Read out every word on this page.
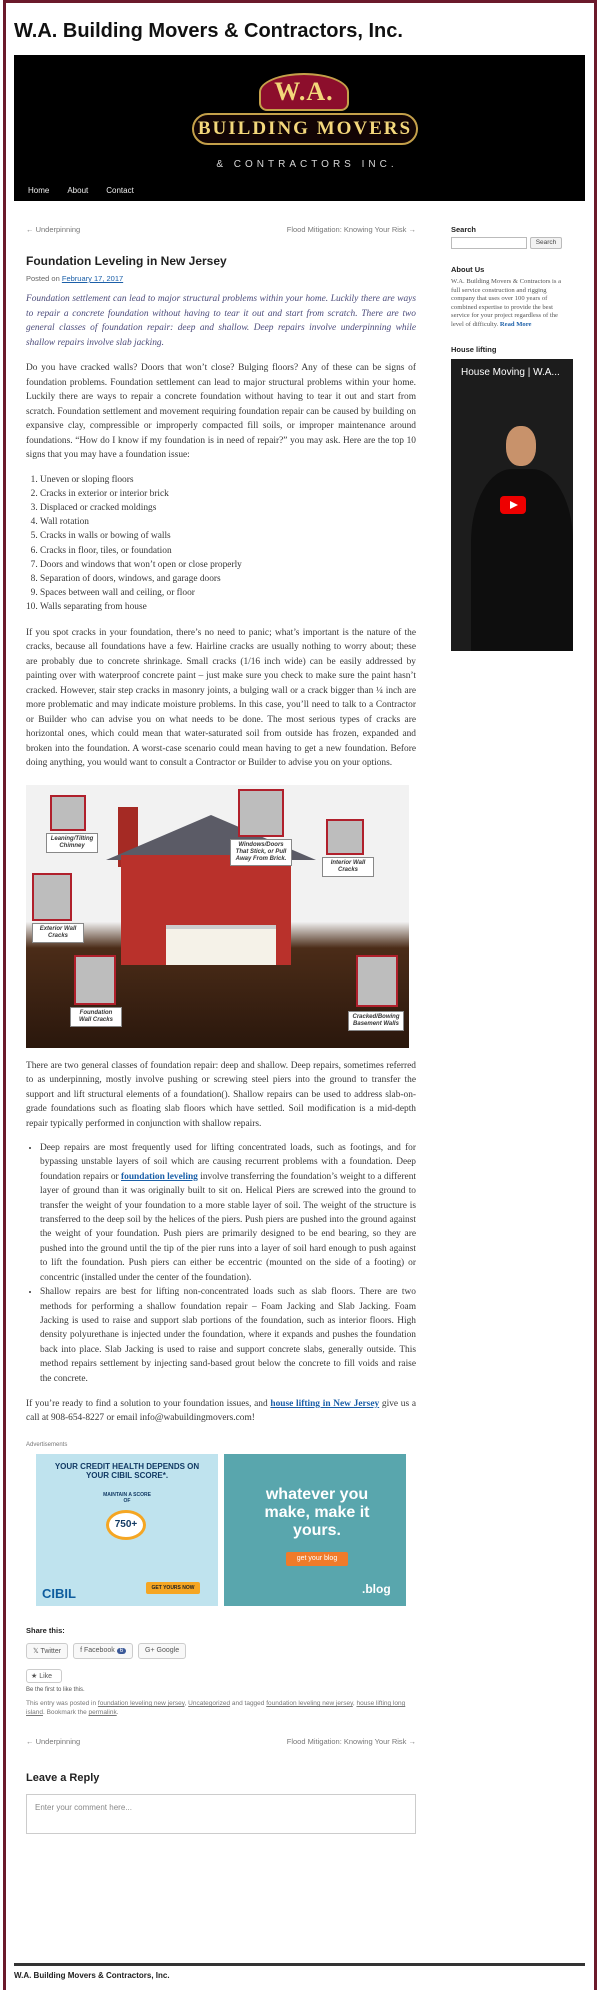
W.A. Building Movers & Contractors, Inc.
W.A.
BUILDING MOVERS
& CONTRACTORS INC.
Home About Contact
← Underpinning	Flood Mitigation: Knowing Your Risk →
Foundation Leveling in New Jersey
Posted on February 17, 2017
Foundation settlement can lead to major structural problems within your home. Luckily there are ways to repair a concrete foundation without having to tear it out and start from scratch. There are two general classes of foundation repair: deep and shallow. Deep repairs involve underpinning while shallow repairs involve slab jacking.

Do you have cracked walls? Doors that won’t close? Bulging floors? Any of these can be signs of foundation problems. Foundation settlement can lead to major structural problems within your home. Luckily there are ways to repair a concrete foundation without having to tear it out and start from scratch. Foundation settlement and movement requiring foundation repair can be caused by building on expansive clay, compressible or improperly compacted fill soils, or improper maintenance around foundations. “How do I know if my foundation is in need of repair?” you may ask. Here are the top 10 signs that you may have a foundation issue:

1. Uneven or sloping floors
2. Cracks in exterior or interior brick
3. Displaced or cracked moldings
4. Wall rotation
5. Cracks in walls or bowing of walls
6. Cracks in floor, tiles, or foundation
7. Doors and windows that won’t open or close properly
8. Separation of doors, windows, and garage doors
9. Spaces between wall and ceiling, or floor
10. Walls separating from house

If you spot cracks in your foundation, there’s no need to panic; what’s important is the nature of the cracks, because all foundations have a few. Hairline cracks are usually nothing to worry about; these are probably due to concrete shrinkage. Small cracks (1/16 inch wide) can be easily addressed by painting over with waterproof concrete paint – just make sure you check to make sure the paint hasn’t cracked. However, stair step cracks in masonry joints, a bulging wall or a crack bigger than ¼ inch are more problematic and may indicate moisture problems. In this case, you’ll need to talk to a Contractor or Builder who can advise you on what needs to be done. The most serious types of cracks are horizontal ones, which could mean that water-saturated soil from outside has frozen, expanded and broken into the foundation. A worst-case scenario could mean having to get a new foundation. Before doing anything, you would want to consult a Contractor or Builder to advise you on your options.

Leaning/Tilting Chimney	Windows/Doors That Stick, or Pull Away From Brick.
Interior Wall Cracks
Exterior Wall Cracks
Foundation Wall Cracks	Cracked/Bowing Basement Walls

There are two general classes of foundation repair: deep and shallow. Deep repairs, sometimes referred to as underpinning, mostly involve pushing or screwing steel piers into the ground to transfer the support and lift structural elements of a foundation(). Shallow repairs can be used to address slab-on-grade foundations such as floating slab floors which have settled. Soil modification is a mid-depth repair typically performed in conjunction with shallow repairs.

• Deep repairs are most frequently used for lifting concentrated loads, such as footings, and for bypassing unstable layers of soil which are causing recurrent problems with a foundation. Deep foundation repairs or foundation leveling involve transferring the foundation’s weight to a different layer of ground than it was originally built to sit on. Helical Piers are screwed into the ground to transfer the weight of your foundation to a more stable layer of soil. The weight of the structure is transferred to the deep soil by the helices of the piers. Push piers are pushed into the ground against the weight of your foundation. Push piers are primarily designed to be end bearing, so they are pushed into the ground until the tip of the pier runs into a layer of soil hard enough to push against to lift the foundation. Push piers can either be eccentric (mounted on the side of a footing) or concentric (installed under the center of the foundation).
• Shallow repairs are best for lifting non-concentrated loads such as slab floors. There are two methods for performing a shallow foundation repair – Foam Jacking and Slab Jacking. Foam Jacking is used to raise and support slab portions of the foundation, such as interior floors. High density polyurethane is injected under the foundation, where it expands and pushes the foundation back into place. Slab Jacking is used to raise and support concrete slabs, generally outside. This method repairs settlement by injecting sand-based grout below the concrete to fill voids and raise the concrete.

If you’re ready to find a solution to your foundation issues, and house lifting in New Jersey give us a call at 908-654-8227 or email info@wabuildingmovers.com!

Advertisements
YOUR CREDIT HEALTH DEPENDS ON YOUR CIBIL SCORE*.
MAINTAIN A SCORE OF
750+
CIBIL	GET YOURS NOW
whatever you make, make it yours.
get your blog
.blog
Share this:
𝕏 Twitter	f Facebook 6	G+ Google
★ Like
Be the first to like this.
This entry was posted in foundation leveling new jersey, Uncategorized and tagged foundation leveling new jersey, house lifting long island. Bookmark the permalink.
← Underpinning	Flood Mitigation: Knowing Your Risk →
Leave a Reply
Enter your comment here...
Search
Search
About Us
W.A. Building Movers & Contractors is a full service construction and rigging company that uses over 100 years of combined expertise to provide the best service for your project regardless of the level of difficulty. Read More
House lifting
House Moving | W.A...
W.A. Building Movers & Contractors, Inc.
